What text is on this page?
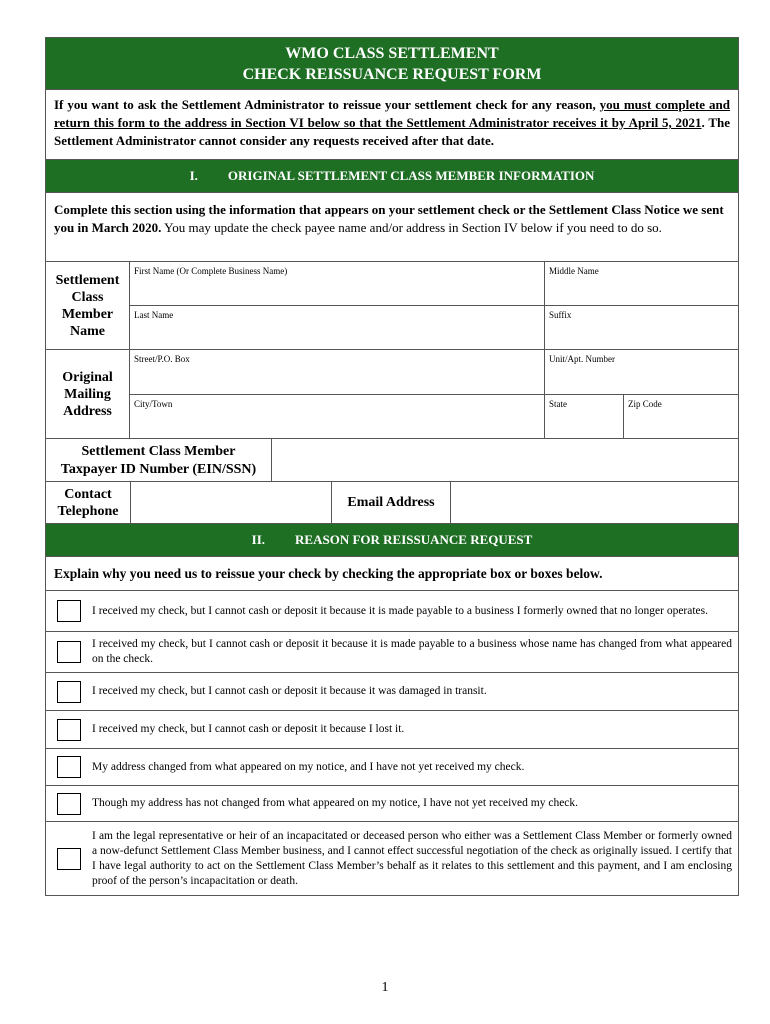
WMO CLASS SETTLEMENT
CHECK REISSUANCE REQUEST FORM
If you want to ask the Settlement Administrator to reissue your settlement check for any reason, you must complete and return this form to the address in Section VI below so that the Settlement Administrator receives it by April 5, 2021. The Settlement Administrator cannot consider any requests received after that date.
I. ORIGINAL SETTLEMENT CLASS MEMBER INFORMATION
Complete this section using the information that appears on your settlement check or the Settlement Class Notice we sent you in March 2020. You may update the check payee name and/or address in Section IV below if you need to do so.
Settlement Class Member Name
First Name (Or Complete Business Name)	Middle Name
Last Name	Suffix
Original Mailing Address
Street/P.O. Box	Unit/Apt. Number
City/Town	State	Zip Code
Settlement Class Member
Taxpayer ID Number (EIN/SSN)
Contact Telephone
Email Address
II. REASON FOR REISSUANCE REQUEST
Explain why you need us to reissue your check by checking the appropriate box or boxes below.
I received my check, but I cannot cash or deposit it because it is made payable to a business I formerly owned that no longer operates.
I received my check, but I cannot cash or deposit it because it is made payable to a business whose name has changed from what appeared on the check.
I received my check, but I cannot cash or deposit it because it was damaged in transit.
I received my check, but I cannot cash or deposit it because I lost it.
My address changed from what appeared on my notice, and I have not yet received my check.
Though my address has not changed from what appeared on my notice, I have not yet received my check.
I am the legal representative or heir of an incapacitated or deceased person who either was a Settlement Class Member or formerly owned a now-defunct Settlement Class Member business, and I cannot effect successful negotiation of the check as originally issued. I certify that I have legal authority to act on the Settlement Class Member’s behalf as it relates to this settlement and this payment, and I am enclosing proof of the person’s incapacitation or death.
1
